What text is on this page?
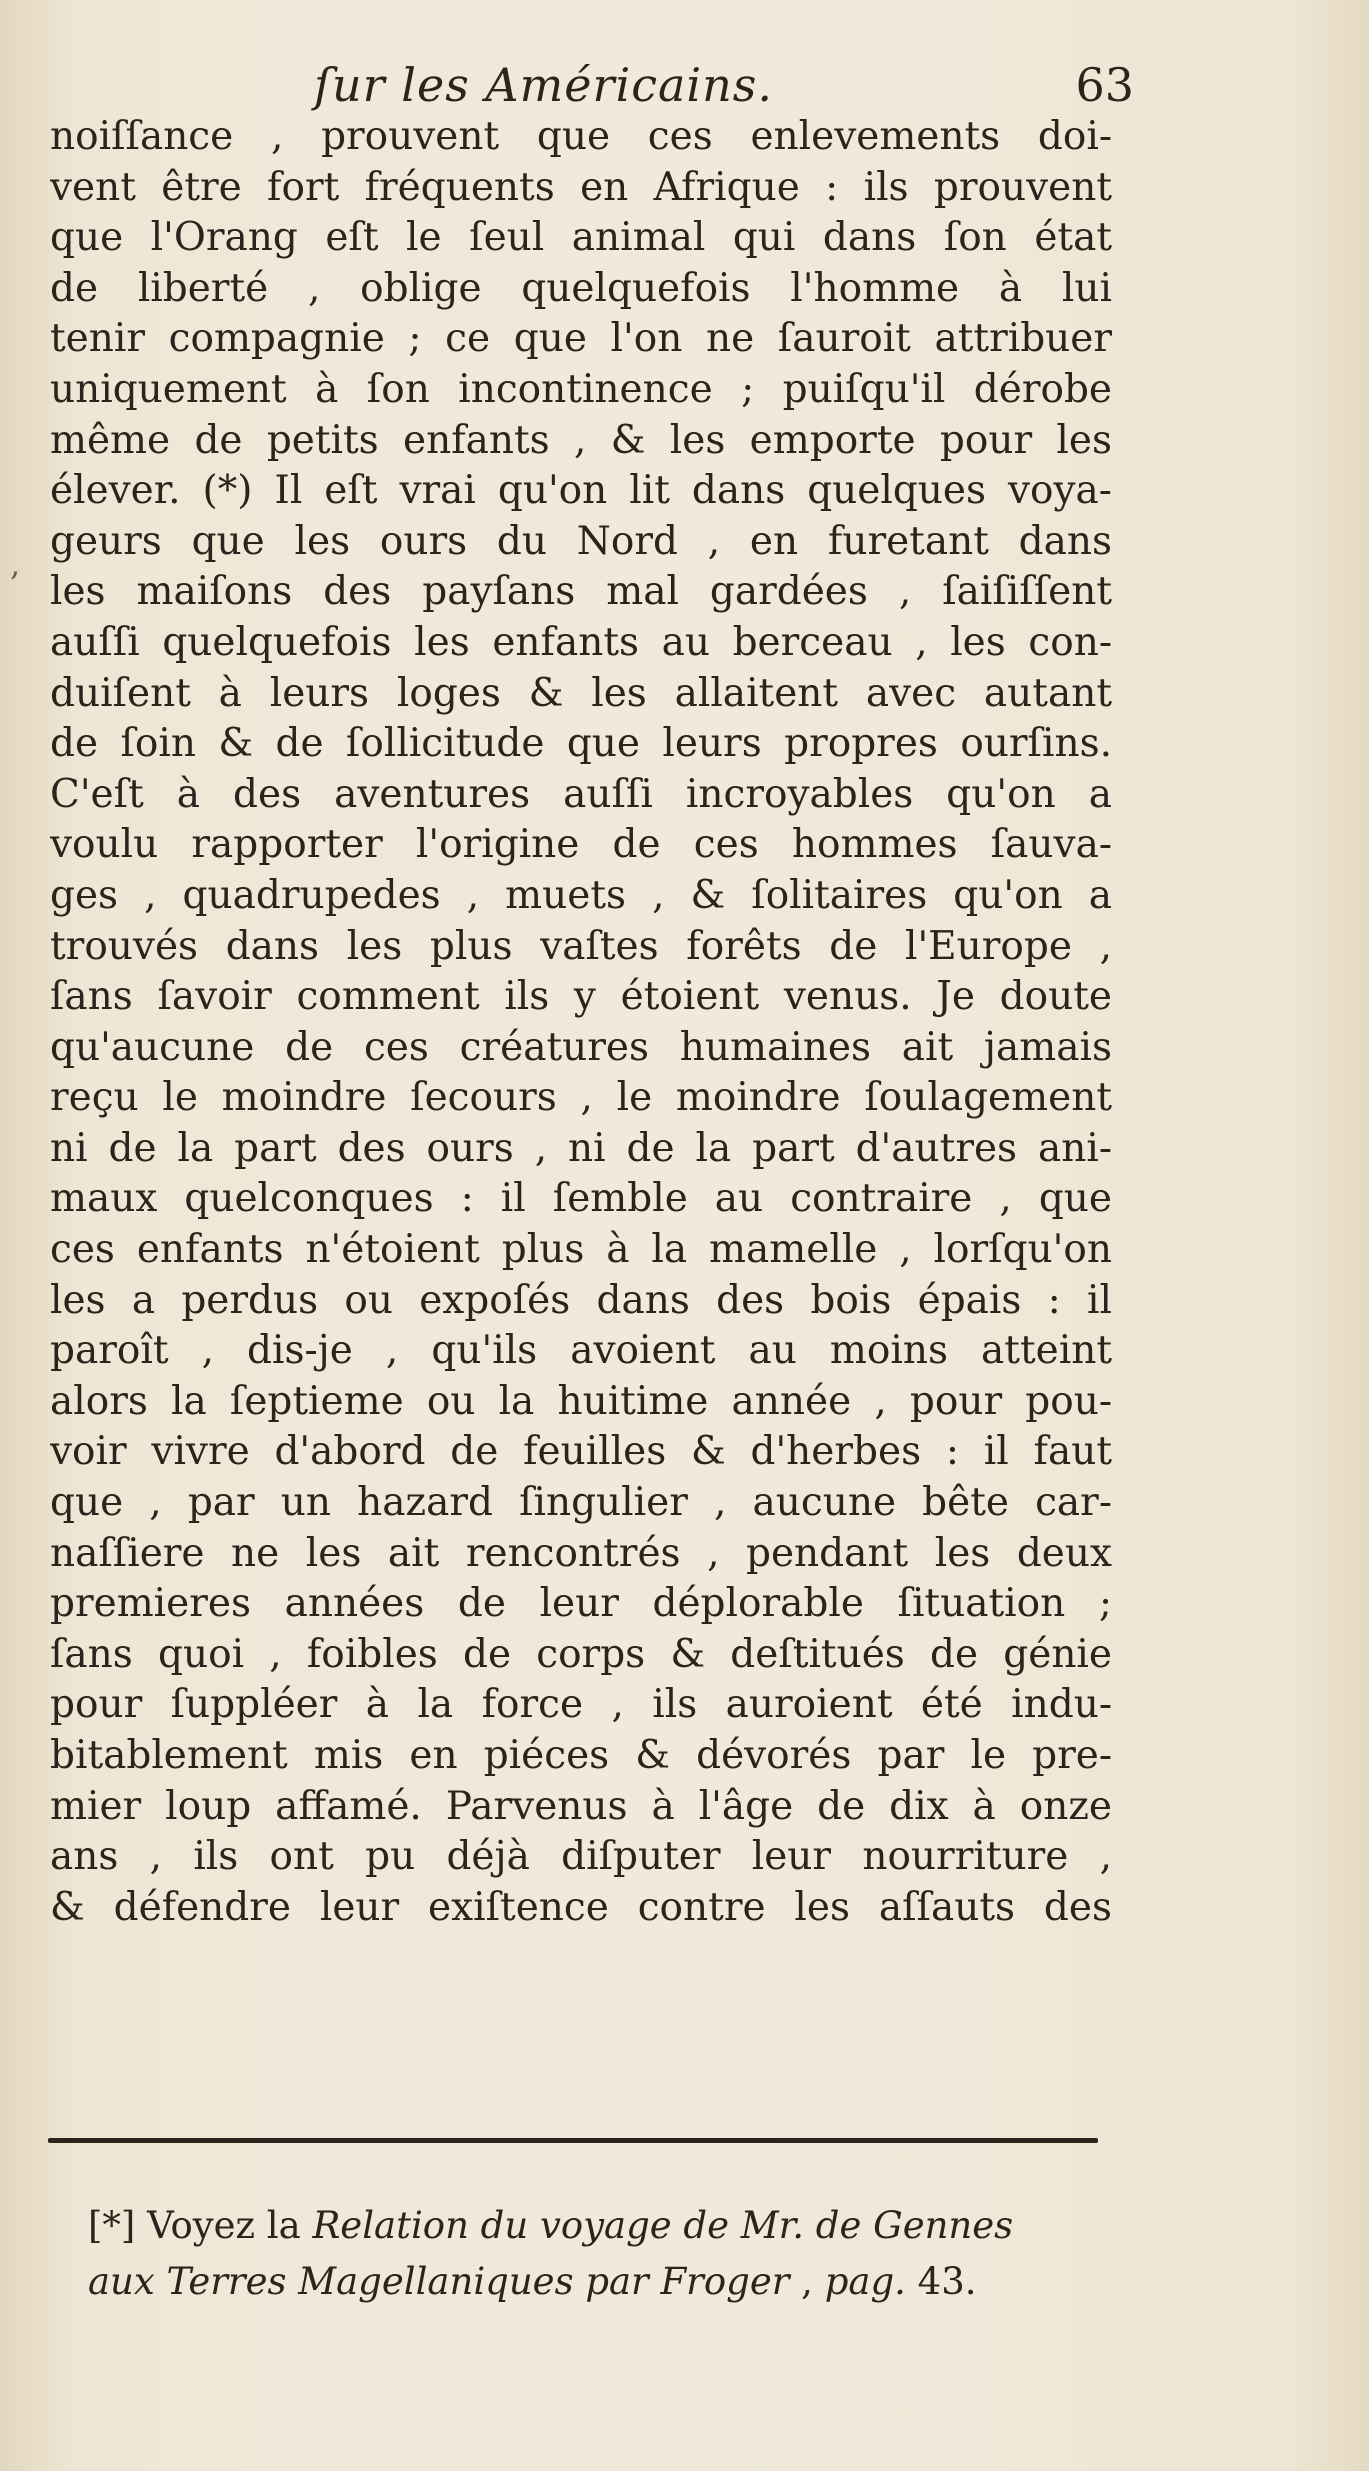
ſur les Américains.	63
,
noiſſance , prouvent que ces enlevements doi-
vent être fort fréquents en Afrique : ils prouvent
que l'Orang eſt le ſeul animal qui dans ſon état
de liberté , oblige quelquefois l'homme à lui
tenir compagnie ; ce que l'on ne ſauroit attribuer
uniquement à ſon incontinence ; puiſqu'il dérobe
même de petits enfants , & les emporte pour les
élever. (*) Il eſt vrai qu'on lit dans quelques voya-
geurs que les ours du Nord , en furetant dans
les maiſons des payſans mal gardées , ſaiſiſſent
auſſi quelquefois les enfants au berceau , les con-
duiſent à leurs loges & les allaitent avec autant
de ſoin & de ſollicitude que leurs propres ourſins.
C'eſt à des aventures auſſi incroyables qu'on a
voulu rapporter l'origine de ces hommes ſauva-
ges , quadrupedes , muets , & ſolitaires qu'on a
trouvés dans les plus vaſtes forêts de l'Europe ,
ſans ſavoir comment ils y étoient venus. Je doute
qu'aucune de ces créatures humaines ait jamais
reçu le moindre ſecours , le moindre ſoulagement
ni de la part des ours , ni de la part d'autres ani-
maux quelconques : il ſemble au contraire , que
ces enfants n'étoient plus à la mamelle , lorſqu'on
les a perdus ou expoſés dans des bois épais : il
paroît , dis-je , qu'ils avoient au moins atteint
alors la ſeptieme ou la huitime année , pour pou-
voir vivre d'abord de feuilles & d'herbes : il faut
que , par un hazard ſingulier , aucune bête car-
naſſiere ne les ait rencontrés , pendant les deux
premieres années de leur déplorable ſituation ;
ſans quoi , foibles de corps & deſtitués de génie
pour ſuppléer à la force , ils auroient été indu-
bitablement mis en piéces & dévorés par le pre-
mier loup affamé. Parvenus à l'âge de dix à onze
ans , ils ont pu déjà diſputer leur nourriture ,
& défendre leur exiſtence contre les aſſauts des
[*] Voyez la Relation du voyage de Mr. de Gennes
aux Terres Magellaniques par Froger , pag. 43.
